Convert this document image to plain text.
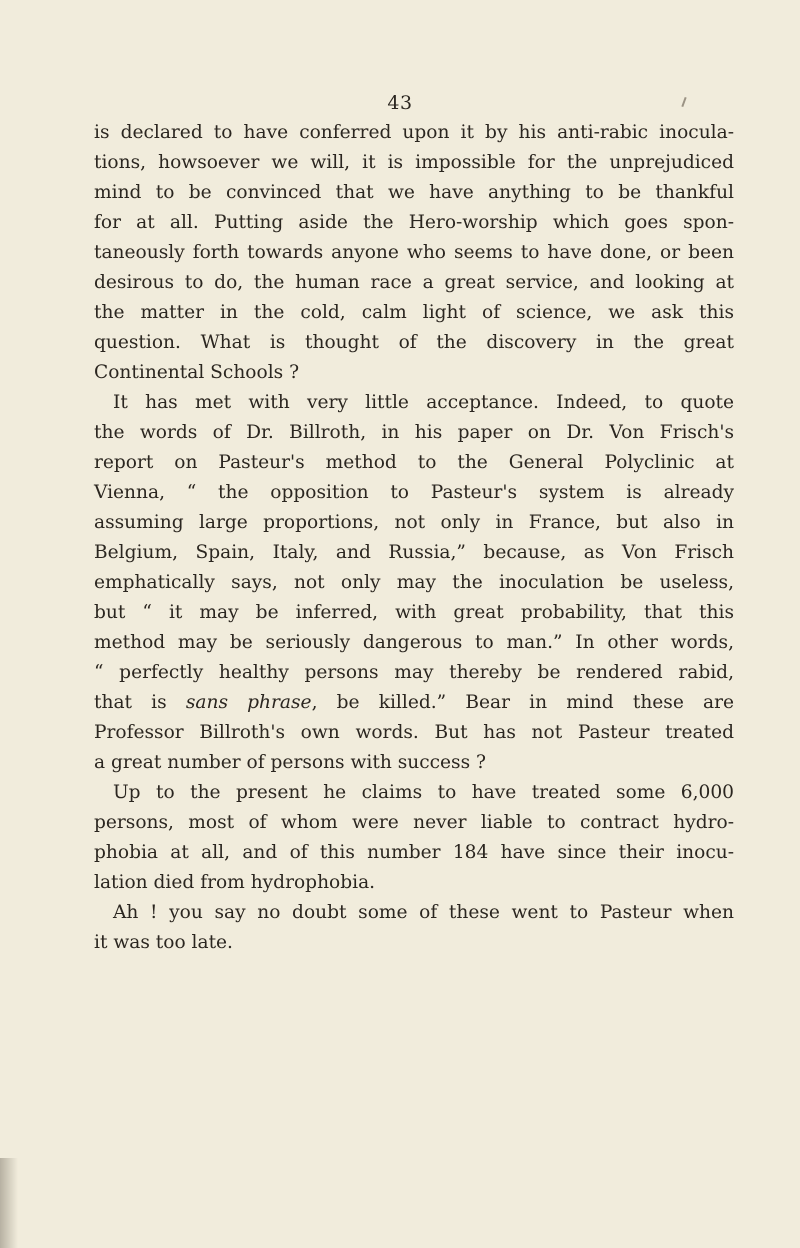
43
is declared to have conferred upon it by his anti-rabic inocula-
tions, howsoever we will, it is impossible for the unprejudiced
mind to be convinced that we have anything to be thankful
for at all. Putting aside the Hero-worship which goes spon-
taneously forth towards anyone who seems to have done, or been
desirous to do, the human race a great service, and looking at
the matter in the cold, calm light of science, we ask this
question. What is thought of the discovery in the great
Continental Schools ?
It has met with very little acceptance. Indeed, to quote
the words of Dr. Billroth, in his paper on Dr. Von Frisch's
report on Pasteur's method to the General Polyclinic at
Vienna, “ the opposition to Pasteur's system is already
assuming large proportions, not only in France, but also in
Belgium, Spain, Italy, and Russia,” because, as Von Frisch
emphatically says, not only may the inoculation be useless,
but “ it may be inferred, with great probability, that this
method may be seriously dangerous to man.” In other words,
“ perfectly healthy persons may thereby be rendered rabid,
that is sans phrase, be killed.” Bear in mind these are
Professor Billroth's own words. But has not Pasteur treated
a great number of persons with success ?
Up to the present he claims to have treated some 6,000
persons, most of whom were never liable to contract hydro-
phobia at all, and of this number 184 have since their inocu-
lation died from hydrophobia.
Ah ! you say no doubt some of these went to Pasteur when
it was too late.
